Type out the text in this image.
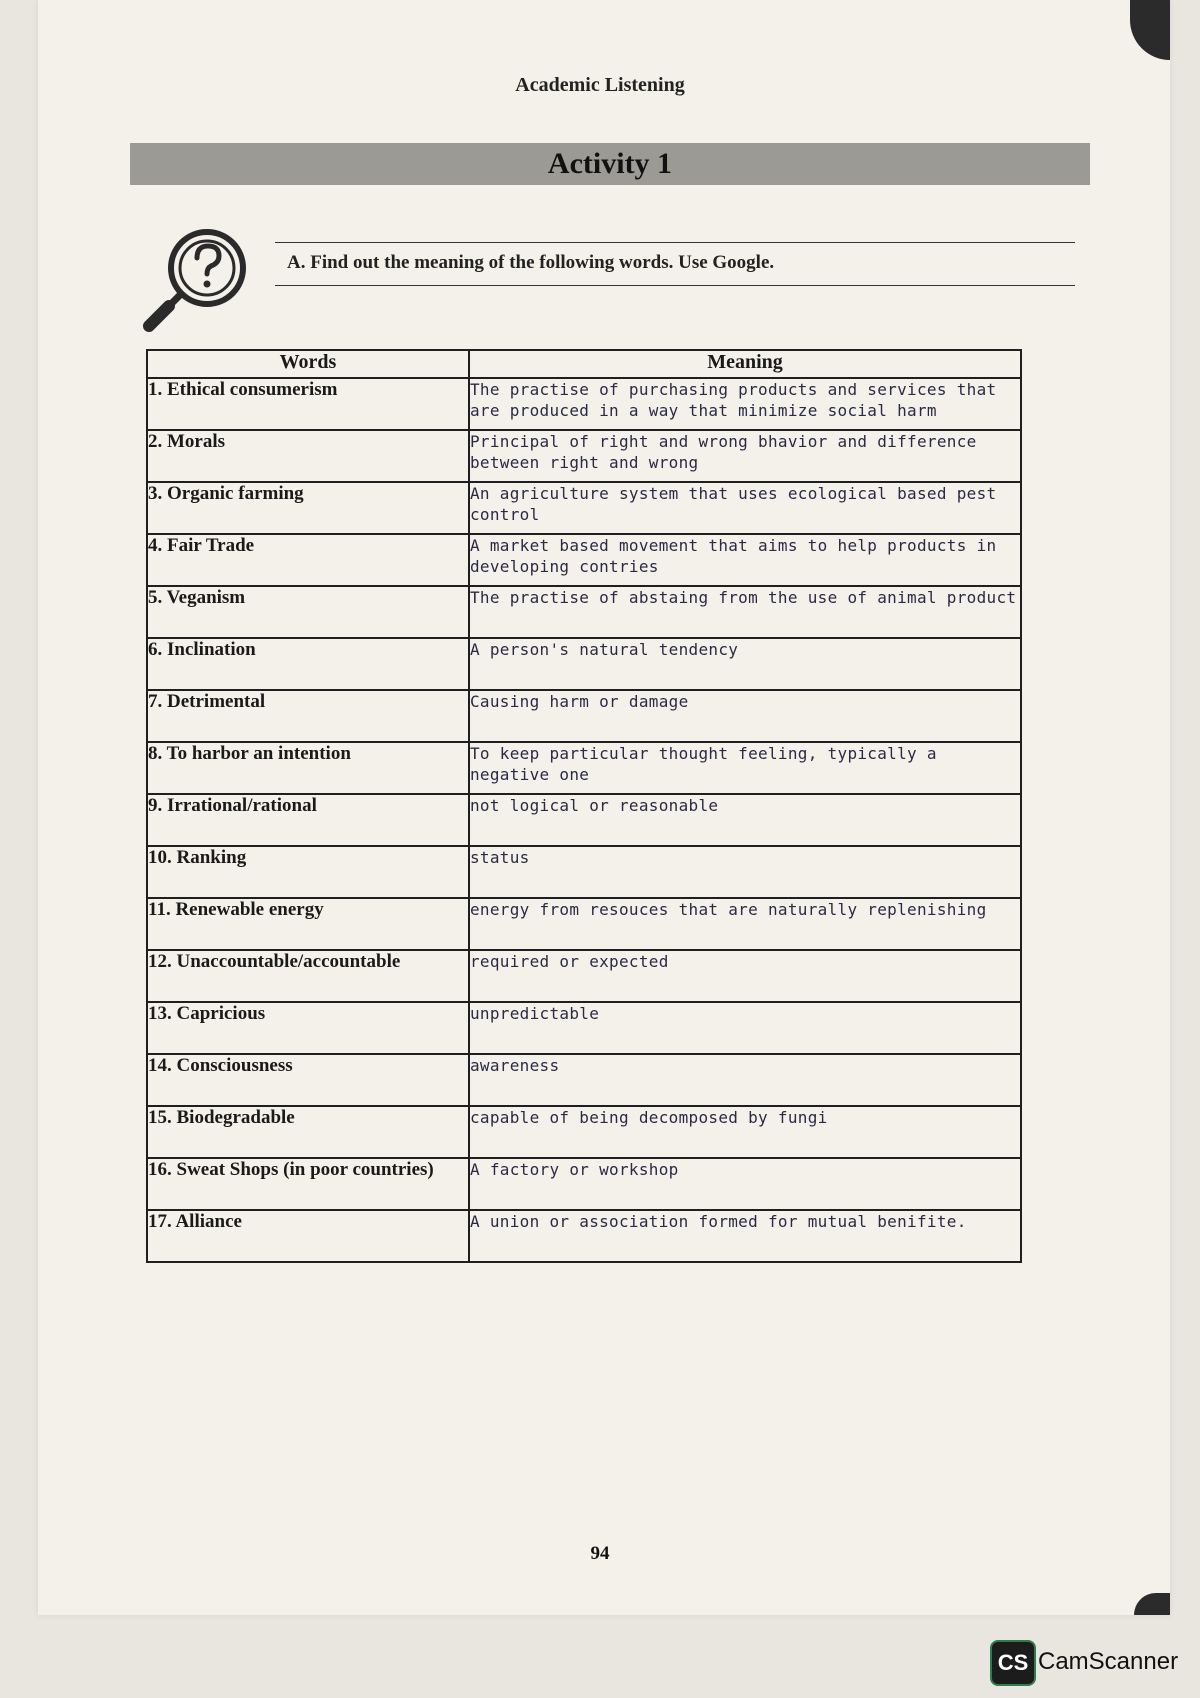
Academic Listening
Activity 1
A. Find out the meaning of the following words. Use Google.
Words	Meaning
1. Ethical consumerism	The practise of purchasing products and services that are produced in a way that minimize social harm
2. Morals	Principal of right and wrong bhavior and difference between right and wrong
3. Organic farming	An agriculture system that uses ecological based pest control
4. Fair Trade	A market based movement that aims to help products in developing contries
5. Veganism	The practise of abstaing from the use of animal product
6. Inclination	A person's natural tendency
7. Detrimental	Causing harm or damage
8. To harbor an intention	To keep particular thought feeling, typically a negative one
9. Irrational/rational	not logical or reasonable
10. Ranking	status
11. Renewable energy	energy from resouces that are naturally replenishing
12. Unaccountable/accountable	required or expected
13. Capricious	unpredictable
14. Consciousness	awareness
15. Biodegradable	capable of being decomposed by fungi
16. Sweat Shops (in poor countries)	A factory or workshop
17. Alliance	A union or association formed for mutual benifite.
94
CS CamScanner
